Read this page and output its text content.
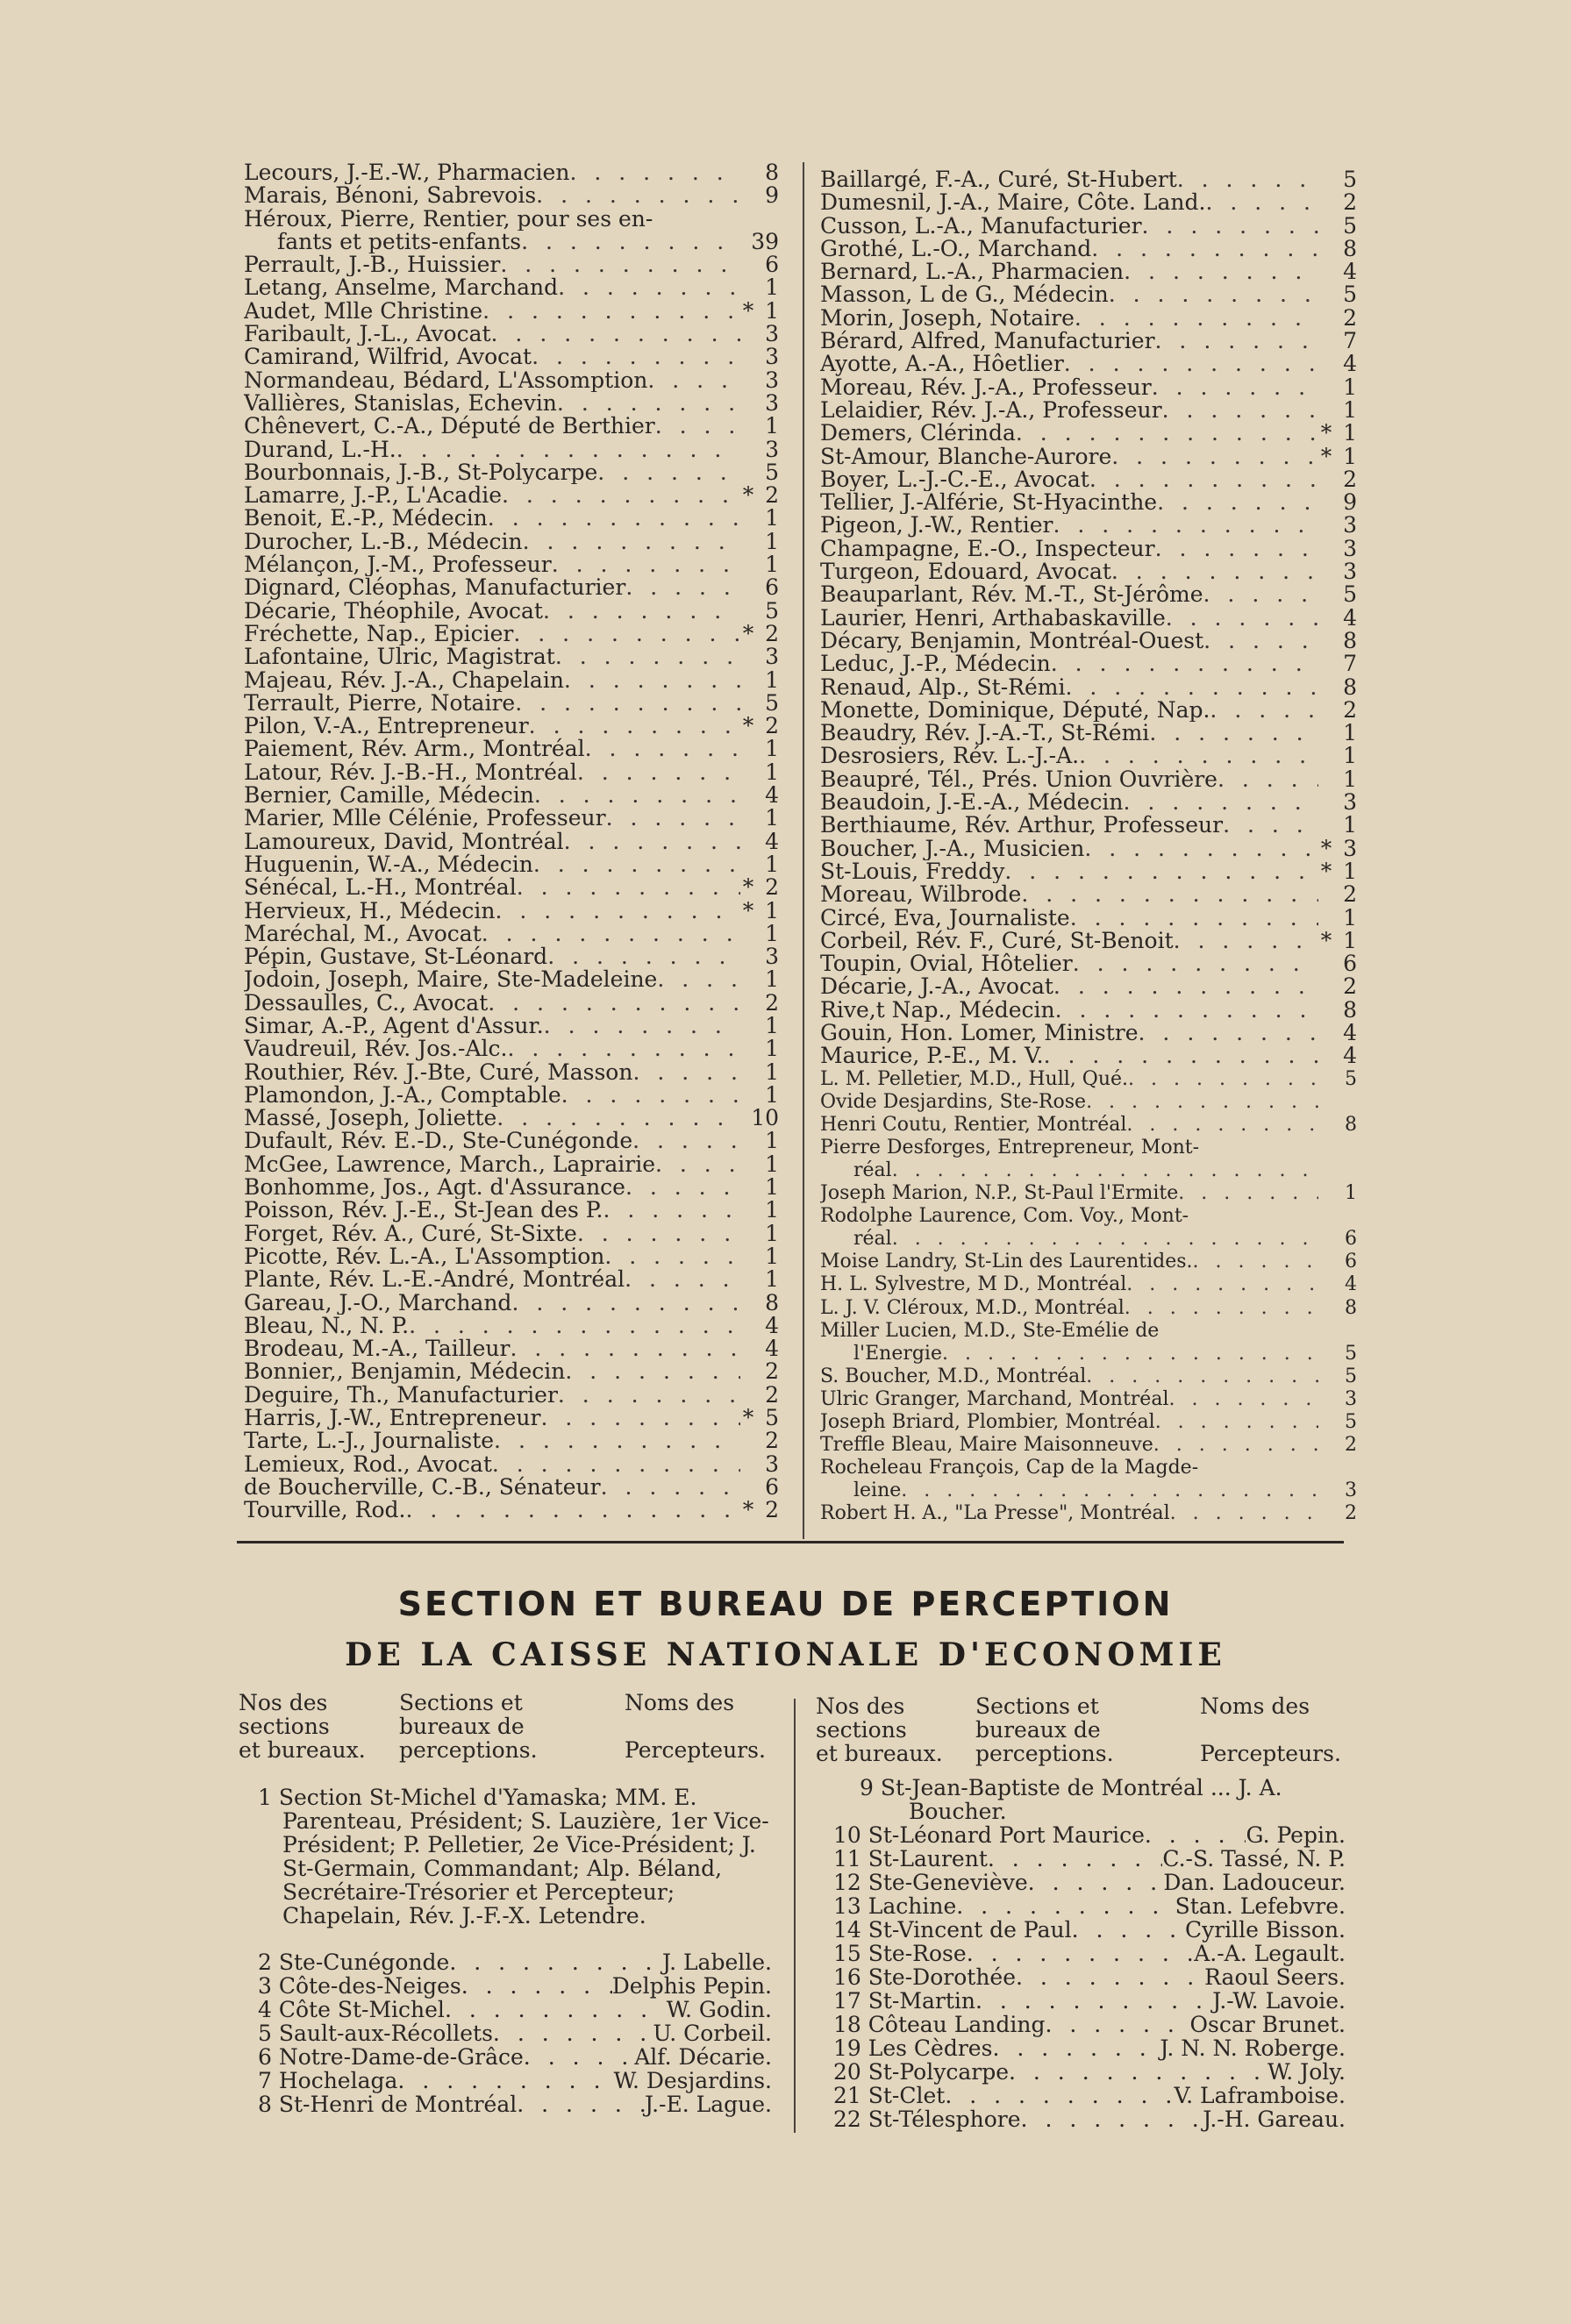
Lecours, J.-E.-W., Pharmacien . . .	8
Marais, Bénoni, Sabrevois . . .	9
Héroux, Pierre, Rentier, pour ses en-
fants et petits-enfants . . .	39
Perrault, J.-B., Huissier . . .	6
Letang, Anselme, Marchand . . .	1
Audet, Mlle Christine . . .	* 1
Faribault, J.-L., Avocat . . .	3
Camirand, Wilfrid, Avocat . . .	3
Normandeau, Bédard, L'Assomption . . .	3
Vallières, Stanislas, Echevin . . .	3
Chênevert, C.-A., Député de Berthier . . .	1
Durand, L.-H. . . .	3
Bourbonnais, J.-B., St-Polycarpe . . .	5
Lamarre, J.-P., L'Acadie . . .	* 2
Benoit, E.-P., Médecin . . .	1
Durocher, L.-B., Médecin . . .	1
Mélançon, J.-M., Professeur . . .	1
Dignard, Cléophas, Manufacturier . . .	6
Décarie, Théophile, Avocat . . .	5
Fréchette, Nap., Epicier . . .	* 2
Lafontaine, Ulric, Magistrat . . .	3
Majeau, Rév. J.-A., Chapelain . . .	1
Terrault, Pierre, Notaire . . .	5
Pilon, V.-A., Entrepreneur . . .	* 2
Paiement, Rév. Arm., Montréal . . .	1
Latour, Rév. J.-B.-H., Montréal . . .	1
Bernier, Camille, Médecin . . .	4
Marier, Mlle Célénie, Professeur . . .	1
Lamoureux, David, Montréal . . .	4
Huguenin, W.-A., Médecin . . .	1
Sénécal, L.-H., Montréal . . .	* 2
Hervieux, H., Médecin . . .	* 1
Maréchal, M., Avocat . . .	1
Pépin, Gustave, St-Léonard . . .	3
Jodoin, Joseph, Maire, Ste-Madeleine . . .	1
Dessaulles, C., Avocat . . .	2
Simar, A.-P., Agent d'Assur. . . .	1
Vaudreuil, Rév. Jos.-Alc. . . .	1
Routhier, Rév. J.-Bte, Curé, Masson . . .	1
Plamondon, J.-A., Comptable . . .	1
Massé, Joseph, Joliette . . .	10
Dufault, Rév. E.-D., Ste-Cunégonde . . .	1
McGee, Lawrence, March., Laprairie . . .	1
Bonhomme, Jos., Agt. d'Assurance . . .	1
Poisson, Rév. J.-E., St-Jean des P. . . .	1
Forget, Rév. A., Curé, St-Sixte . . .	1
Picotte, Rév. L.-A., L'Assomption . . .	1
Plante, Rév. L.-E.-André, Montréal . . .	1
Gareau, J.-O., Marchand . . .	8
Bleau, N., N. P. . . .	4
Brodeau, M.-A., Tailleur . . .	4
Bonnier,, Benjamin, Médecin . . .	2
Deguire, Th., Manufacturier . . .	2
Harris, J.-W., Entrepreneur . . .	* 5
Tarte, L.-J., Journaliste . . .	2
Lemieux, Rod., Avocat . . .	3
de Boucherville, C.-B., Sénateur . . .	6
Tourville, Rod. . . .	* 2
Baillargé, F.-A., Curé, St-Hubert . . .	5
Dumesnil, J.-A., Maire, Côte. Land. . . .	2
Cusson, L.-A., Manufacturier . . .	5
Grothé, L.-O., Marchand . . .	8
Bernard, L.-A., Pharmacien . . .	4
Masson, L de G., Médecin . . .	5
Morin, Joseph, Notaire . . .	2
Bérard, Alfred, Manufacturier . . .	7
Ayotte, A.-A., Hôetlier . . .	4
Moreau, Rév. J.-A., Professeur . . .	1
Lelaidier, Rév. J.-A., Professeur . . .	1
Demers, Clérinda . . .	* 1
St-Amour, Blanche-Aurore . . .	* 1
Boyer, L.-J.-C.-E., Avocat . . .	2
Tellier, J.-Alférie, St-Hyacinthe . . .	9
Pigeon, J.-W., Rentier . . .	3
Champagne, E.-O., Inspecteur . . .	3
Turgeon, Edouard, Avocat . . .	3
Beauparlant, Rév. M.-T., St-Jérôme . . .	5
Laurier, Henri, Arthabaskaville . . .	4
Décary, Benjamin, Montréal-Ouest . . .	8
Leduc, J.-P., Médecin . . .	7
Renaud, Alp., St-Rémi . . .	8
Monette, Dominique, Député, Nap. . . .	2
Beaudry, Rév. J.-A.-T., St-Rémi . . .	1
Desrosiers, Rév. L.-J.-A. . . .	1
Beaupré, Tél., Prés. Union Ouvrière . . .	1
Beaudoin, J.-E.-A., Médecin . . .	3
Berthiaume, Rév. Arthur, Professeur . . .	1
Boucher, J.-A., Musicien . . .	* 3
St-Louis, Freddy . . .	* 1
Moreau, Wilbrode . . .	2
Circé, Eva, Journaliste . . .	1
Corbeil, Rév. F., Curé, St-Benoit . . .	* 1
Toupin, Ovial, Hôtelier . . .	6
Décarie, J.-A., Avocat . . .	2
Rive,t Nap., Médecin . . .	8
Gouin, Hon. Lomer, Ministre . . .	4
Maurice, P.-E., M. V. . . .	4
L. M. Pelletier, M.D., Hull, Qué. . . .	5
Ovide Desjardins, Ste-Rose
. . .
Henri Coutu, Rentier, Montréal . . .	8
Pierre Desforges, Entrepreneur, Mont-
réal
. . .
Joseph Marion, N.P., St-Paul l'Ermite . . .	1
Rodolphe Laurence, Com. Voy., Mont-
réal . . .	6
Moise Landry, St-Lin des Laurentides. . . .	6
H. L. Sylvestre, M D., Montréal . . .	4
L. J. V. Cléroux, M.D., Montréal . . .	8
Miller Lucien, M.D., Ste-Emélie de
l'Energie . . .	5
S. Boucher, M.D., Montréal . . .	5
Ulric Granger, Marchand, Montréal . . .	3
Joseph Briard, Plombier, Montréal . . .	5
Treffle Bleau, Maire Maisonneuve . . .	2
Rocheleau François, Cap de la Magde-
leine . . .	3
Robert H. A., "La Presse", Montréal . . .	2
SECTION ET BUREAU DE PERCEPTION
DE LA CAISSE NATIONALE D'ECONOMIE
Nos des
sections
et bureaux.
Sections et
bureaux de
perceptions.
Noms des

Percepteurs.
Nos des
sections
et bureaux.
Sections et
bureaux de
perceptions.
Noms des

Percepteurs.
1 Section St-Michel d'Yamaska; MM. E. Parenteau, Président; S. Lauzière, 1er Vice-Président; P. Pelletier, 2e Vice-Président; J. St-Germain, Commandant; Alp. Béland, Secrétaire-Trésorier et Percepteur; Chapelain, Rév. J.-F.-X. Letendre.
2 Ste-Cunégonde . . .	J. Labelle.
3 Côte-des-Neiges . . .	Delphis Pepin.
4 Côte St-Michel . . .	W. Godin.
5 Sault-aux-Récollets . . .	U. Corbeil.
6 Notre-Dame-de-Grâce . . .	Alf. Décarie.
7 Hochelaga . . .	W. Desjardins.
8 St-Henri de Montréal . . .	J.-E. Lague.
9 St-Jean-Baptiste de Montréal ... J. A. Boucher.
10 St-Léonard Port Maurice . . .	G. Pepin.
11 St-Laurent . . .	C.-S. Tassé, N. P.
12 Ste-Geneviève . . .	Dan. Ladouceur.
13 Lachine . . .	Stan. Lefebvre.
14 St-Vincent de Paul . . .	Cyrille Bisson.
15 Ste-Rose . . .	A.-A. Legault.
16 Ste-Dorothée . . .	Raoul Seers.
17 St-Martin . . .	J.-W. Lavoie.
18 Côteau Landing . . .	Oscar Brunet.
19 Les Cèdres . . .	J. N. N. Roberge.
20 St-Polycarpe . . .	W. Joly.
21 St-Clet . . .	V. Laframboise.
22 St-Télesphore . . .	J.-H. Gareau.
